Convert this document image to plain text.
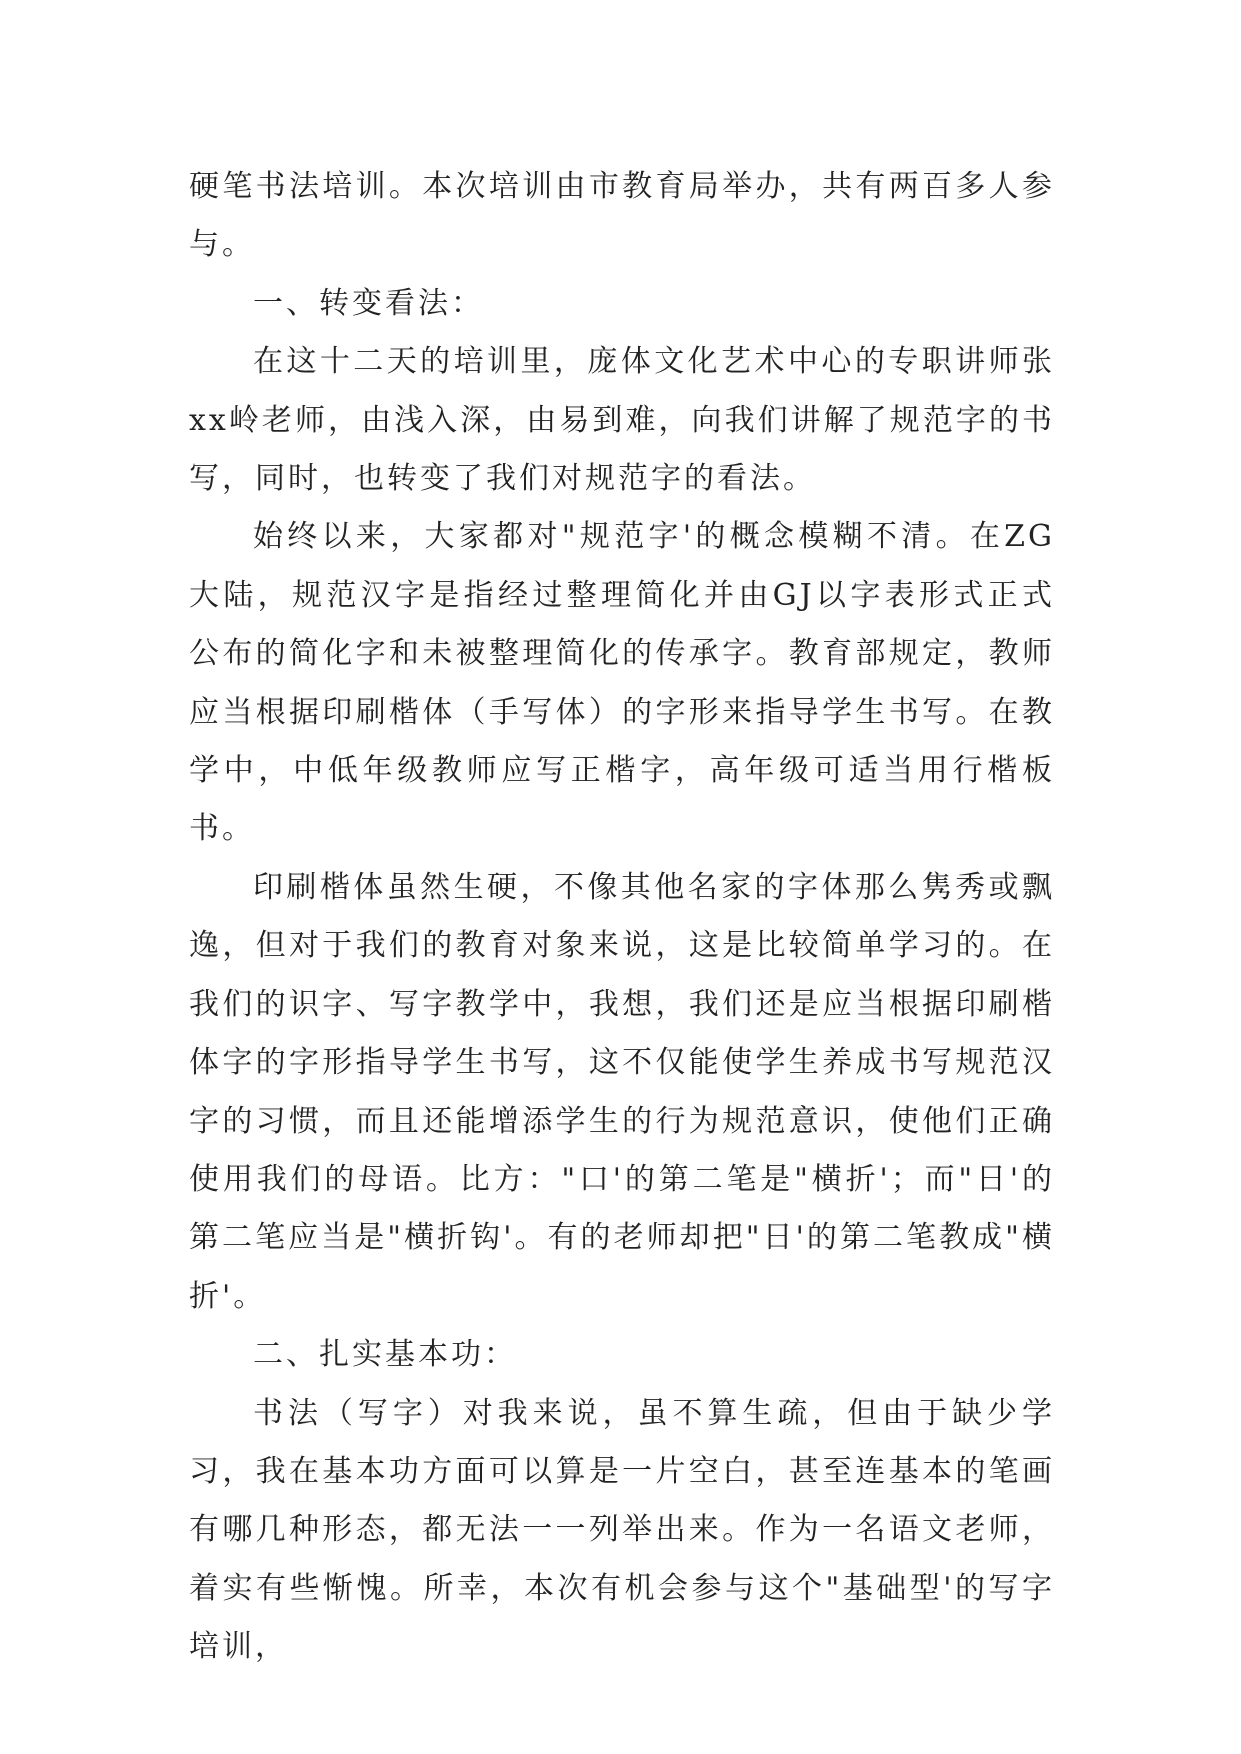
硬笔书法培训。本次培训由市教育局举办，共有两百多人参与。

一、转变看法：

在这十二天的培训里，庞体文化艺术中心的专职讲师张xx岭老师，由浅入深，由易到难，向我们讲解了规范字的书写，同时，也转变了我们对规范字的看法。

始终以来，大家都对"规范字'的概念模糊不清。在ZG大陆，规范汉字是指经过整理简化并由GJ以字表形式正式公布的简化字和未被整理简化的传承字。教育部规定，教师应当根据印刷楷体（手写体）的字形来指导学生书写。在教学中，中低年级教师应写正楷字，高年级可适当用行楷板书。

印刷楷体虽然生硬，不像其他名家的字体那么隽秀或飘逸，但对于我们的教育对象来说，这是比较简单学习的。在我们的识字、写字教学中，我想，我们还是应当根据印刷楷体字的字形指导学生书写，这不仅能使学生养成书写规范汉字的习惯，而且还能增添学生的行为规范意识，使他们正确使用我们的母语。比方："口'的第二笔是"横折'；而"日'的第二笔应当是"横折钩'。有的老师却把"日'的第二笔教成"横折'。

二、扎实基本功：

书法（写字）对我来说，虽不算生疏，但由于缺少学习，我在基本功方面可以算是一片空白，甚至连基本的笔画有哪几种形态，都无法一一列举出来。作为一名语文老师，着实有些惭愧。所幸，本次有机会参与这个"基础型'的写字培训，
